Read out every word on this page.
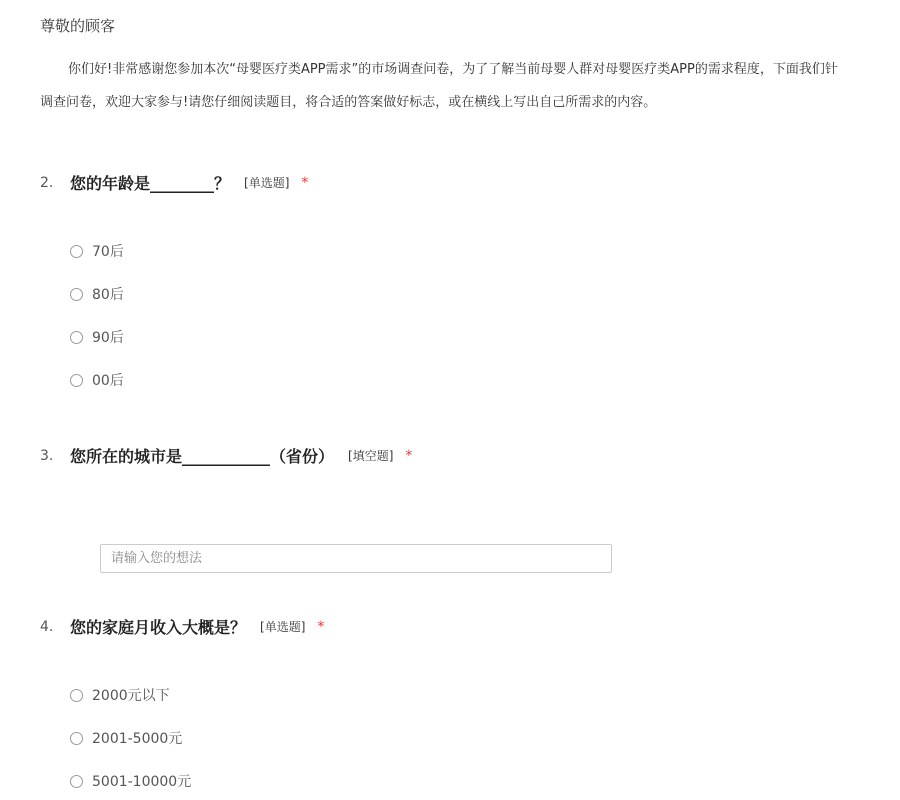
尊敬的顾客
你们好!非常感谢您参加本次“母婴医疗类APP需求”的市场调查问卷，为了了解当前母婴人群对母婴医疗类APP的需求程度，下面我们针
调查问卷，欢迎大家参与!请您仔细阅读题目，将合适的答案做好标志，或在横线上写出自己所需求的内容。
2. 您的年龄是________？ [单选题] *
70后
80后
90后
00后
3. 您所在的城市是___________（省份） [填空题] *
请输入您的想法
4. 您的家庭月收入大概是？ [单选题] *
2000元以下
2001-5000元
5001-10000元
